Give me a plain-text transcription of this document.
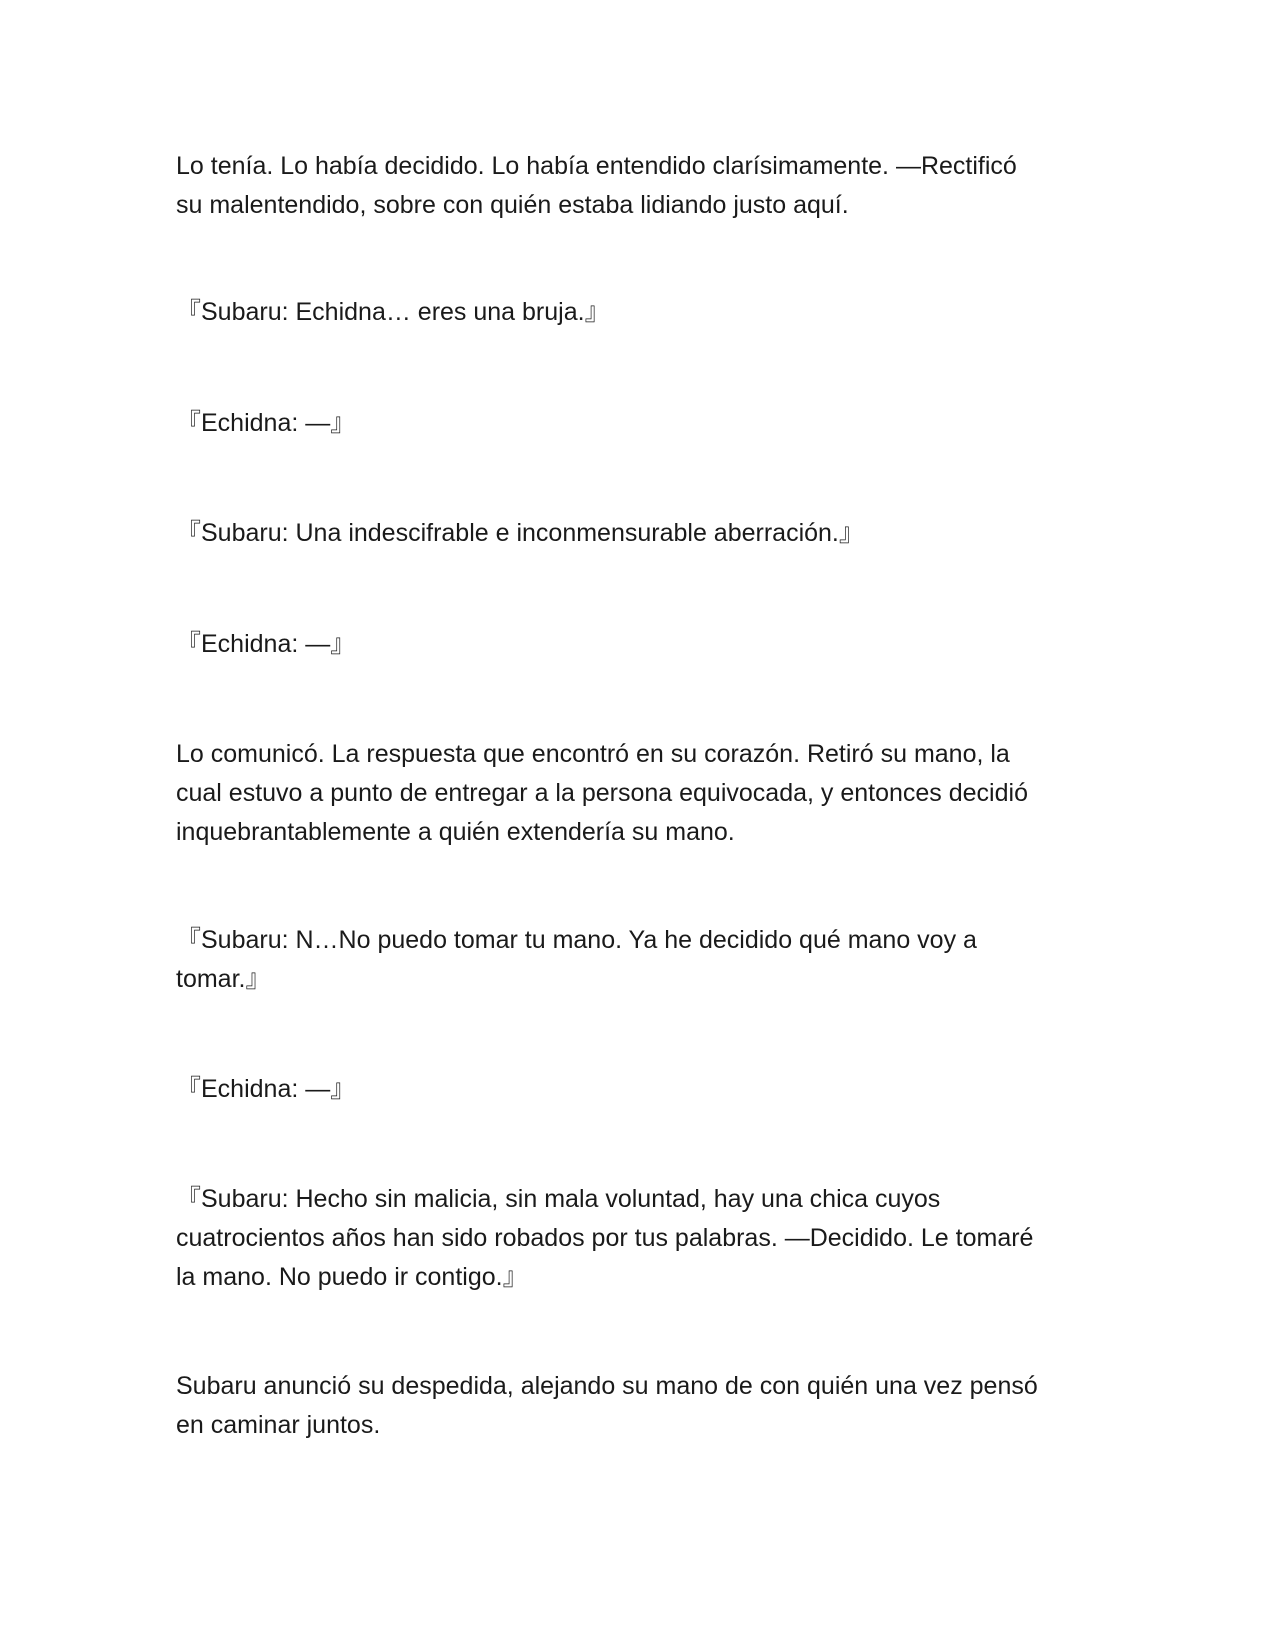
Lo tenía. Lo había decidido. Lo había entendido clarísimamente. —Rectificó
su malentendido, sobre con quién estaba lidiando justo aquí.

『Subaru: Echidna… eres una bruja.』

『Echidna: —』

『Subaru: Una indescifrable e inconmensurable aberración.』

『Echidna: —』

Lo comunicó. La respuesta que encontró en su corazón. Retiró su mano, la
cual estuvo a punto de entregar a la persona equivocada, y entonces decidió
inquebrantablemente a quién extendería su mano.

『Subaru: N…No puedo tomar tu mano. Ya he decidido qué mano voy a
tomar.』

『Echidna: —』

『Subaru: Hecho sin malicia, sin mala voluntad, hay una chica cuyos
cuatrocientos años han sido robados por tus palabras. —Decidido. Le tomaré
la mano. No puedo ir contigo.』

Subaru anunció su despedida, alejando su mano de con quién una vez pensó
en caminar juntos.
